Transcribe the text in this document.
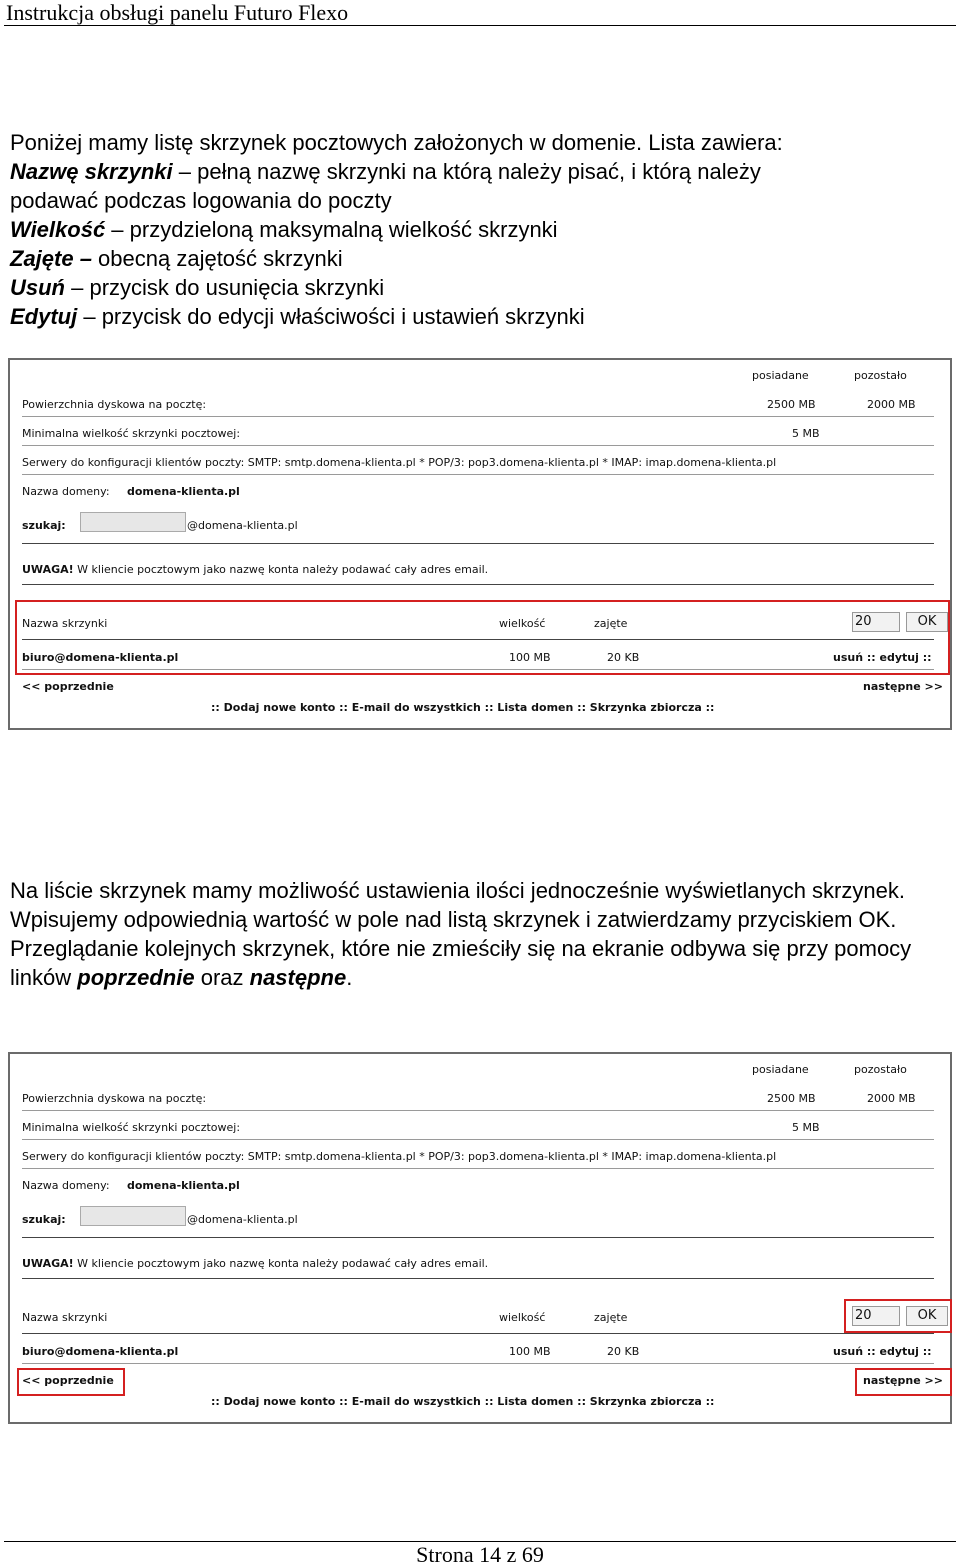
Instrukcja obsługi panelu Futuro Flexo
Poniżej mamy listę skrzynek pocztowych założonych w domenie. Lista zawiera:
Nazwę skrzynki – pełną nazwę skrzynki na którą należy pisać, i którą należy
podawać podczas logowania do poczty
Wielkość – przydzieloną maksymalną wielkość skrzynki
Zajęte – obecną zajętość skrzynki
Usuń – przycisk do usunięcia skrzynki
Edytuj – przycisk do edycji właściwości i ustawień skrzynki
posiadane	pozostało
Powierzchnia dyskowa na pocztę:	2500 MB	2000 MB
Minimalna wielkość skrzynki pocztowej:	5 MB
Serwery do konfiguracji klientów poczty: SMTP: smtp.domena-klienta.pl * POP/3: pop3.domena-klienta.pl * IMAP: imap.domena-klienta.pl
Nazwa domeny: domena-klienta.pl
szukaj:	@domena-klienta.pl
UWAGA! W kliencie pocztowym jako nazwę konta należy podawać cały adres email.
Nazwa skrzynki	wielkość	zajęte	20	OK
biuro@domena-klienta.pl	100 MB	20 KB	usuń :: edytuj ::
<< poprzednie	następne >>
:: Dodaj nowe konto :: E-mail do wszystkich :: Lista domen :: Skrzynka zbiorcza ::
Na liście skrzynek mamy możliwość ustawienia ilości jednocześnie wyświetlanych skrzynek. Wpisujemy odpowiednią wartość w pole nad listą skrzynek i zatwierdzamy przyciskiem OK. Przeglądanie kolejnych skrzynek, które nie zmieściły się na ekranie odbywa się przy pomocy linków poprzednie oraz następne.
posiadane	pozostało
Powierzchnia dyskowa na pocztę:	2500 MB	2000 MB
Minimalna wielkość skrzynki pocztowej:	5 MB
Serwery do konfiguracji klientów poczty: SMTP: smtp.domena-klienta.pl * POP/3: pop3.domena-klienta.pl * IMAP: imap.domena-klienta.pl
Nazwa domeny: domena-klienta.pl
szukaj:	@domena-klienta.pl
UWAGA! W kliencie pocztowym jako nazwę konta należy podawać cały adres email.
Nazwa skrzynki	wielkość	zajęte	20	OK
biuro@domena-klienta.pl	100 MB	20 KB	usuń :: edytuj ::
<< poprzednie	następne >>
:: Dodaj nowe konto :: E-mail do wszystkich :: Lista domen :: Skrzynka zbiorcza ::
Strona 14 z 69
